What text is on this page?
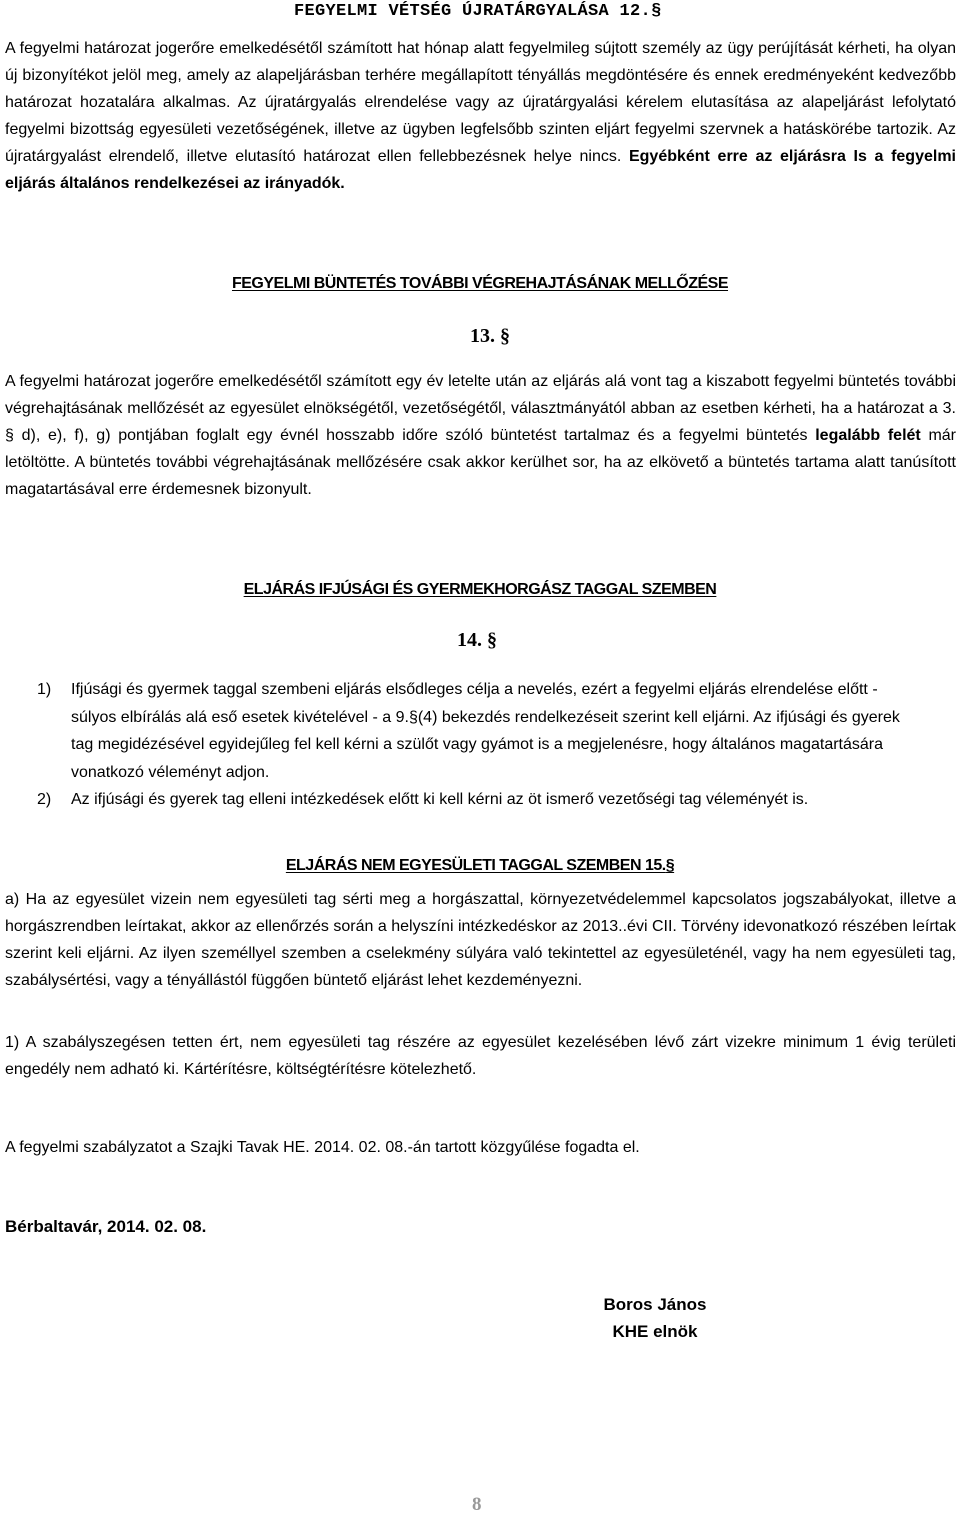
FEGYELMI VÉTSÉG ÚJRATÁRGYALÁSA 12.§

A fegyelmi határozat jogerőre emelkedésétől számított hat hónap alatt fegyelmileg sújtott személy az ügy perújítását kérheti, ha olyan új bizonyítékot jelöl meg, amely az alapeljárásban terhére megállapított tényállás megdöntésére és ennek eredményeként kedvezőbb határozat hozatalára alkalmas. Az újratárgyalás elrendelése vagy az újratárgyalási kérelem elutasítása az alapeljárást lefolytató fegyelmi bizottság egyesületi vezetőségének, illetve az ügyben legfelsőbb szinten eljárt fegyelmi szervnek a hatáskörébe tartozik. Az újratárgyalást elrendelő, illetve elutasító határozat ellen fellebbezésnek helye nincs. Egyébként erre az eljárásra Is a fegyelmi eljárás általános rendelkezései az irányadók.

FEGYELMI BÜNTETÉS TOVÁBBI VÉGREHAJTÁSÁNAK MELLŐZÉSE
13. §

A fegyelmi határozat jogerőre emelkedésétől számított egy év letelte után az eljárás alá vont tag a kiszabott fegyelmi büntetés további végrehajtásának mellőzését az egyesület elnökségétől, vezetőségétől, választmányától abban az esetben kérheti, ha a határozat a 3. § d), e), f), g) pontjában foglalt egy évnél hosszabb időre szóló büntetést tartalmaz és a fegyelmi büntetés legalább felét már letöltötte. A büntetés további végrehajtásának mellőzésére csak akkor kerülhet sor, ha az elkövető a büntetés tartama alatt tanúsított magatartásával erre érdemesnek bizonyult.

ELJÁRÁS IFJÚSÁGI ÉS GYERMEKHORGÁSZ TAGGAL SZEMBEN
14. §
1) Ifjúsági és gyermek taggal szembeni eljárás elsődleges célja a nevelés, ezért a fegyelmi eljárás elrendelése előtt - súlyos elbírálás alá eső esetek kivételével - a 9.§(4) bekezdés rendelkezéseit szerint kell eljárni. Az ifjúsági és gyerek tag megidézésével egyidejűleg fel kell kérni a szülőt vagy gyámot is a megjelenésre, hogy általános magatartására vonatkozó véleményt adjon.
2) Az ifjúsági és gyerek tag elleni intézkedések előtt ki kell kérni az öt ismerő vezetőségi tag véleményét is.
ELJÁRÁS NEM EGYESÜLETI TAGGAL SZEMBEN 15.§

a) Ha az egyesület vizein nem egyesületi tag sérti meg a horgászattal, környezetvédelemmel kapcsolatos jogszabályokat, illetve a horgászrendben leírtakat, akkor az ellenőrzés során a helyszíni intézkedéskor az 2013..évi CII. Törvény idevonatkozó részében leírtak szerint keli eljárni. Az ilyen személlyel szemben a cselekmény súlyára való tekintettel az egyesületénél, vagy ha nem egyesületi tag, szabálysértési, vagy a tényállástól függően büntető eljárást lehet kezdeményezni.

1) A szabályszegésen tetten ért, nem egyesületi tag részére az egyesület kezelésében lévő zárt vizekre minimum 1 évig területi engedély nem adható ki. Kártérítésre, költségtérítésre kötelezhető.

A fegyelmi szabályzatot a Szajki Tavak HE. 2014. 02. 08.-án tartott közgyűlése fogadta el.

Bérbaltavár, 2014. 02. 08.

Boros János
KHE elnök
8
